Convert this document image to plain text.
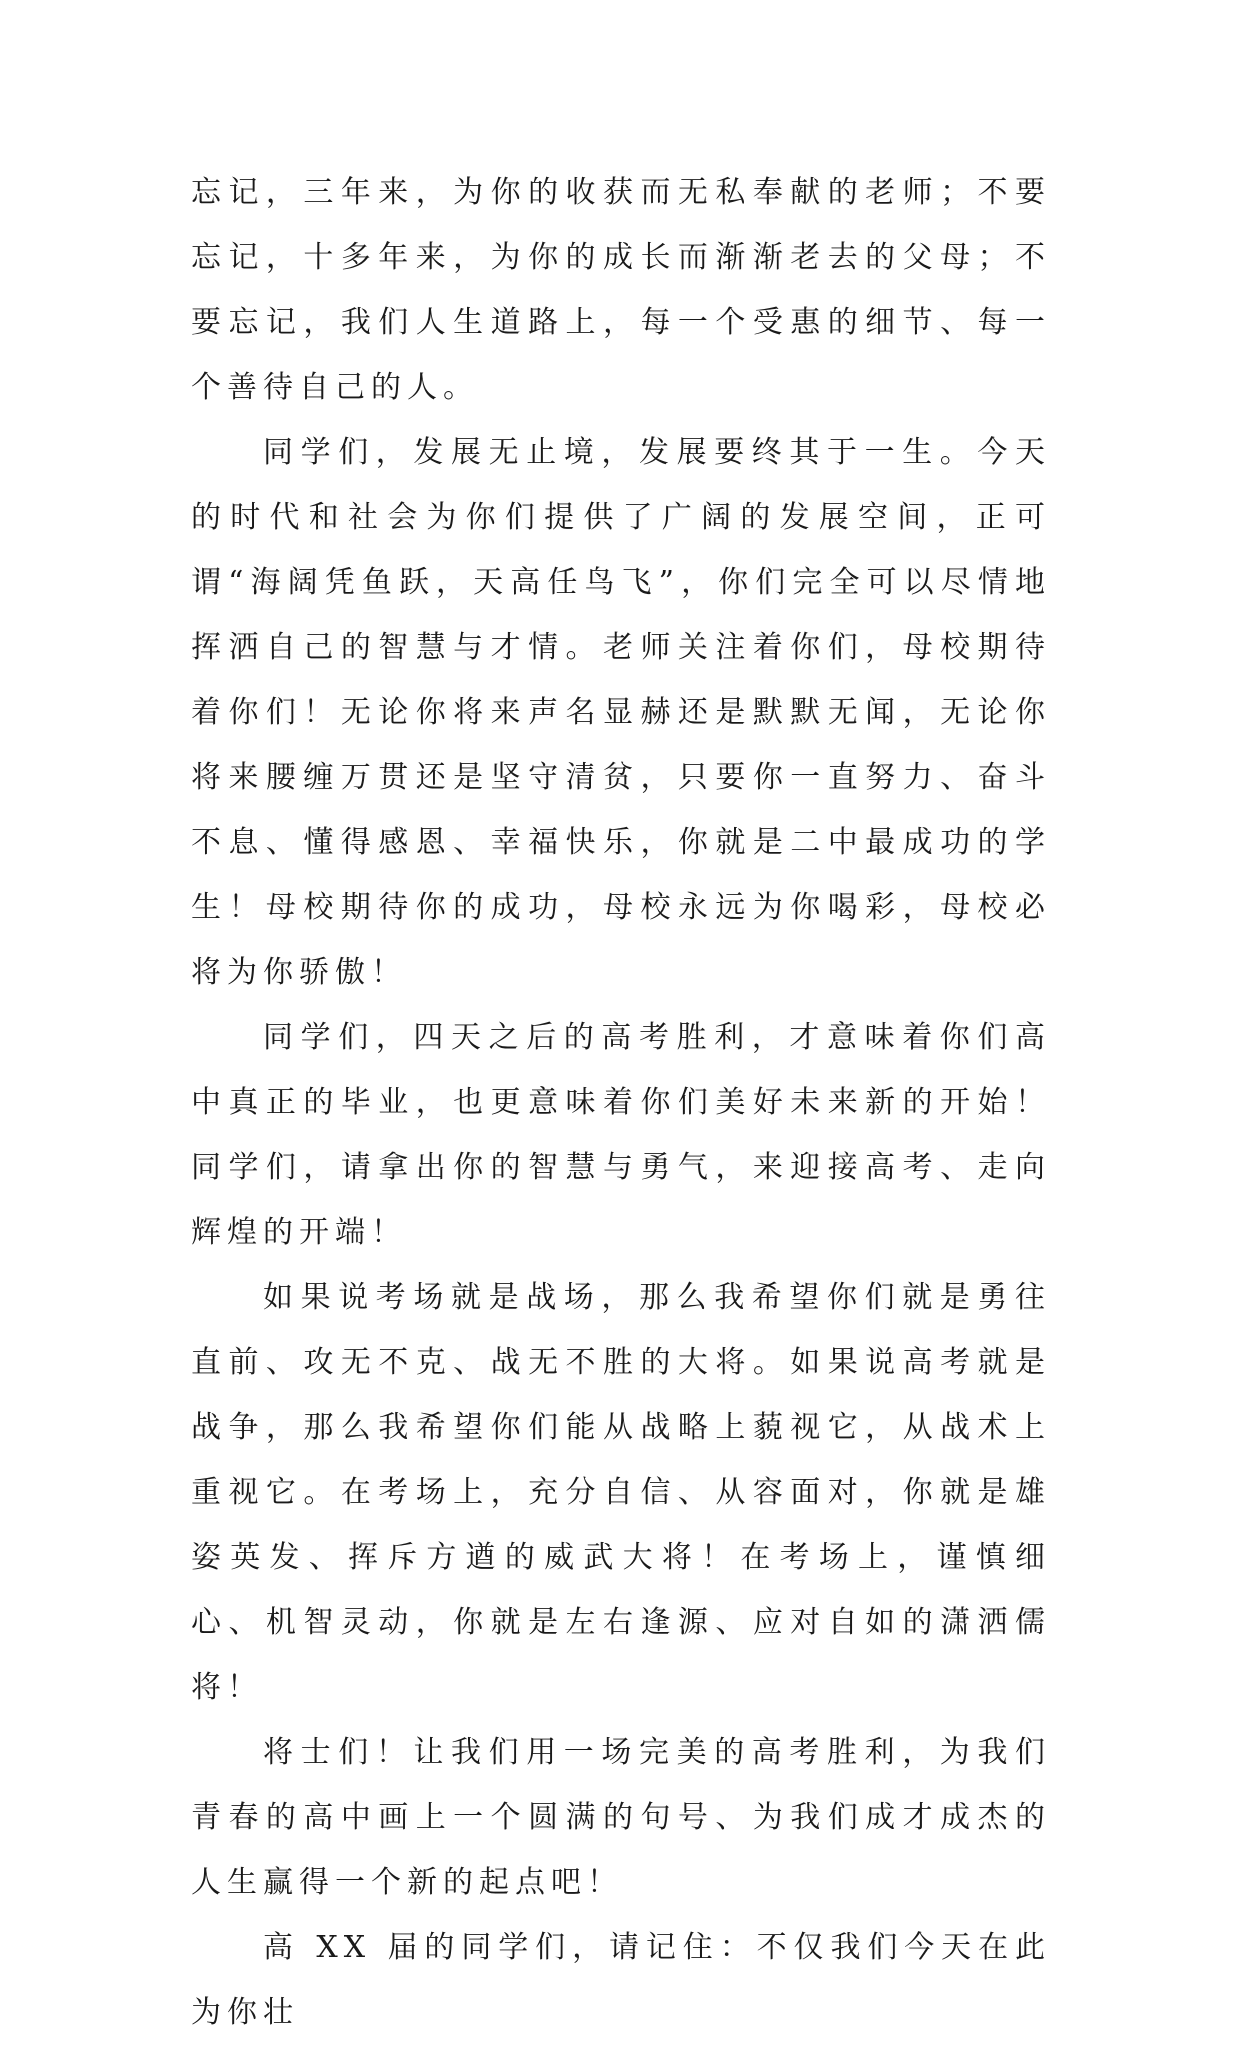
忘记，三年来，为你的收获而无私奉献的老师；不要忘记，十多年来，为你的成长而渐渐老去的父母；不要忘记，我们人生道路上，每一个受惠的细节、每一个善待自己的人。

同学们，发展无止境，发展要终其于一生。今天的时代和社会为你们提供了广阔的发展空间，正可谓“海阔凭鱼跃，天高任鸟飞”，你们完全可以尽情地挥洒自己的智慧与才情。老师关注着你们，母校期待着你们！无论你将来声名显赫还是默默无闻，无论你将来腰缠万贯还是坚守清贫，只要你一直努力、奋斗不息、懂得感恩、幸福快乐，你就是二中最成功的学生！母校期待你的成功，母校永远为你喝彩，母校必将为你骄傲！

同学们，四天之后的高考胜利，才意味着你们高中真正的毕业，也更意味着你们美好未来新的开始！同学们，请拿出你的智慧与勇气，来迎接高考、走向辉煌的开端！

如果说考场就是战场，那么我希望你们就是勇往直前、攻无不克、战无不胜的大将。如果说高考就是战争，那么我希望你们能从战略上藐视它，从战术上重视它。在考场上，充分自信、从容面对，你就是雄姿英发、挥斥方遒的威武大将！在考场上，谨慎细心、机智灵动，你就是左右逢源、应对自如的潇洒儒将！

将士们！让我们用一场完美的高考胜利，为我们青春的高中画上一个圆满的句号、为我们成才成杰的人生赢得一个新的起点吧！

高 XX 届的同学们，请记住：不仅我们今天在此为你壮
